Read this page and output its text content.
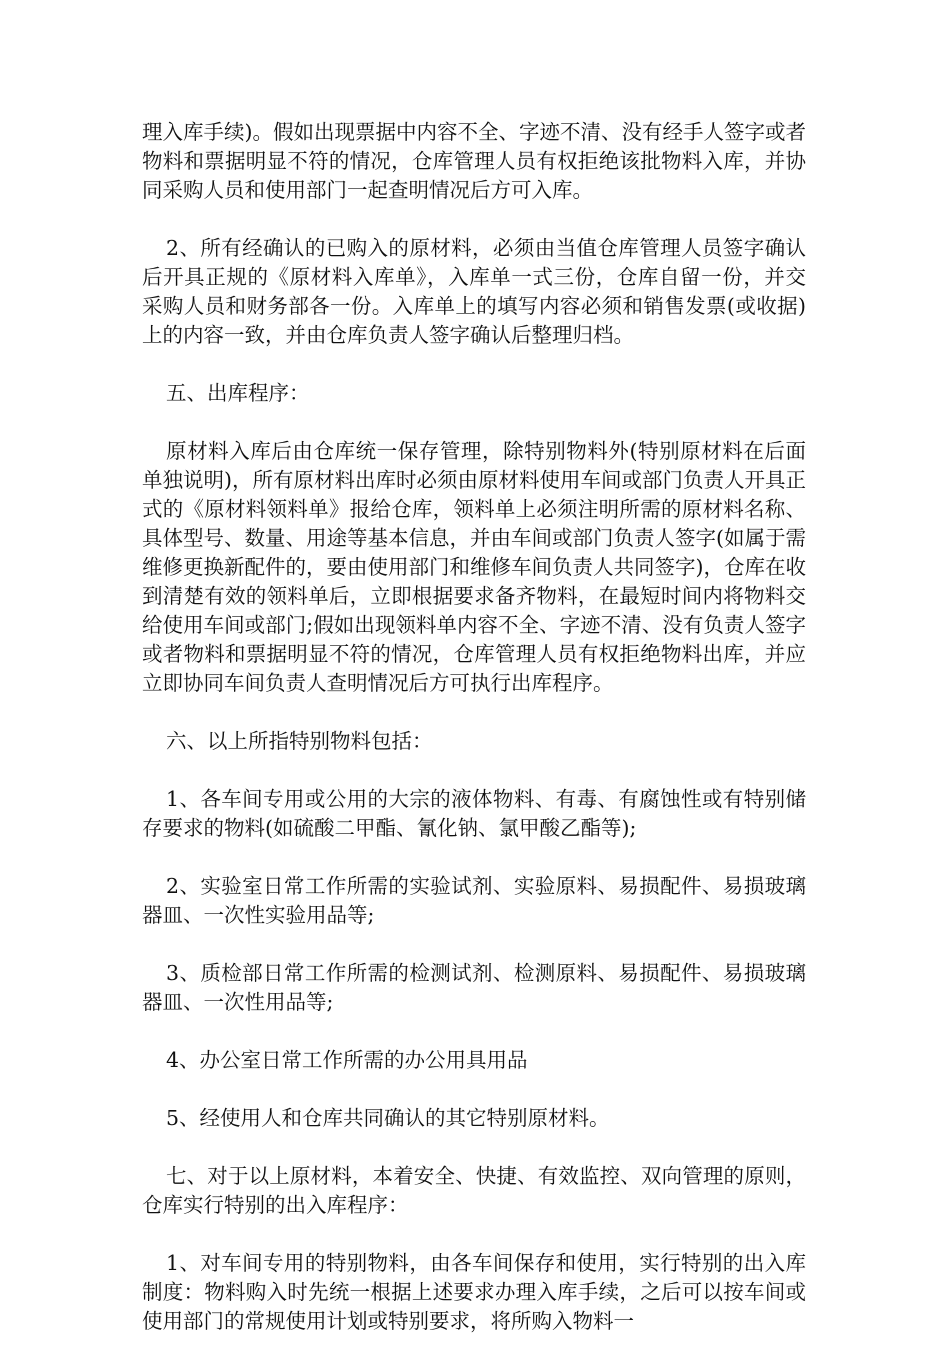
理入库手续)。假如出现票据中内容不全、字迹不清、没有经手人签字或者物料和票据明显不符的情况，仓库管理人员有权拒绝该批物料入库，并协同采购人员和使用部门一起查明情况后方可入库。

2、所有经确认的已购入的原材料，必须由当值仓库管理人员签字确认后开具正规的《原材料入库单》，入库单一式三份，仓库自留一份，并交采购人员和财务部各一份。入库单上的填写内容必须和销售发票(或收据)上的内容一致，并由仓库负责人签字确认后整理归档。

五、出库程序：

原材料入库后由仓库统一保存管理，除特别物料外(特别原材料在后面单独说明)，所有原材料出库时必须由原材料使用车间或部门负责人开具正式的《原材料领料单》报给仓库，领料单上必须注明所需的原材料名称、具体型号、数量、用途等基本信息，并由车间或部门负责人签字(如属于需维修更换新配件的，要由使用部门和维修车间负责人共同签字)，仓库在收到清楚有效的领料单后，立即根据要求备齐物料，在最短时间内将物料交给使用车间或部门;假如出现领料单内容不全、字迹不清、没有负责人签字或者物料和票据明显不符的情况，仓库管理人员有权拒绝物料出库，并应立即协同车间负责人查明情况后方可执行出库程序。

六、以上所指特别物料包括：

1、各车间专用或公用的大宗的液体物料、有毒、有腐蚀性或有特别储存要求的物料(如硫酸二甲酯、氰化钠、氯甲酸乙酯等);

2、实验室日常工作所需的实验试剂、实验原料、易损配件、易损玻璃器皿、一次性实验用品等;

3、质检部日常工作所需的检测试剂、检测原料、易损配件、易损玻璃器皿、一次性用品等;

4、办公室日常工作所需的办公用具用品

5、经使用人和仓库共同确认的其它特别原材料。

七、对于以上原材料，本着安全、快捷、有效监控、双向管理的原则，仓库实行特别的出入库程序：

1、对车间专用的特别物料，由各车间保存和使用，实行特别的出入库制度：物料购入时先统一根据上述要求办理入库手续，之后可以按车间或使用部门的常规使用计划或特别要求，将所购入物料一
